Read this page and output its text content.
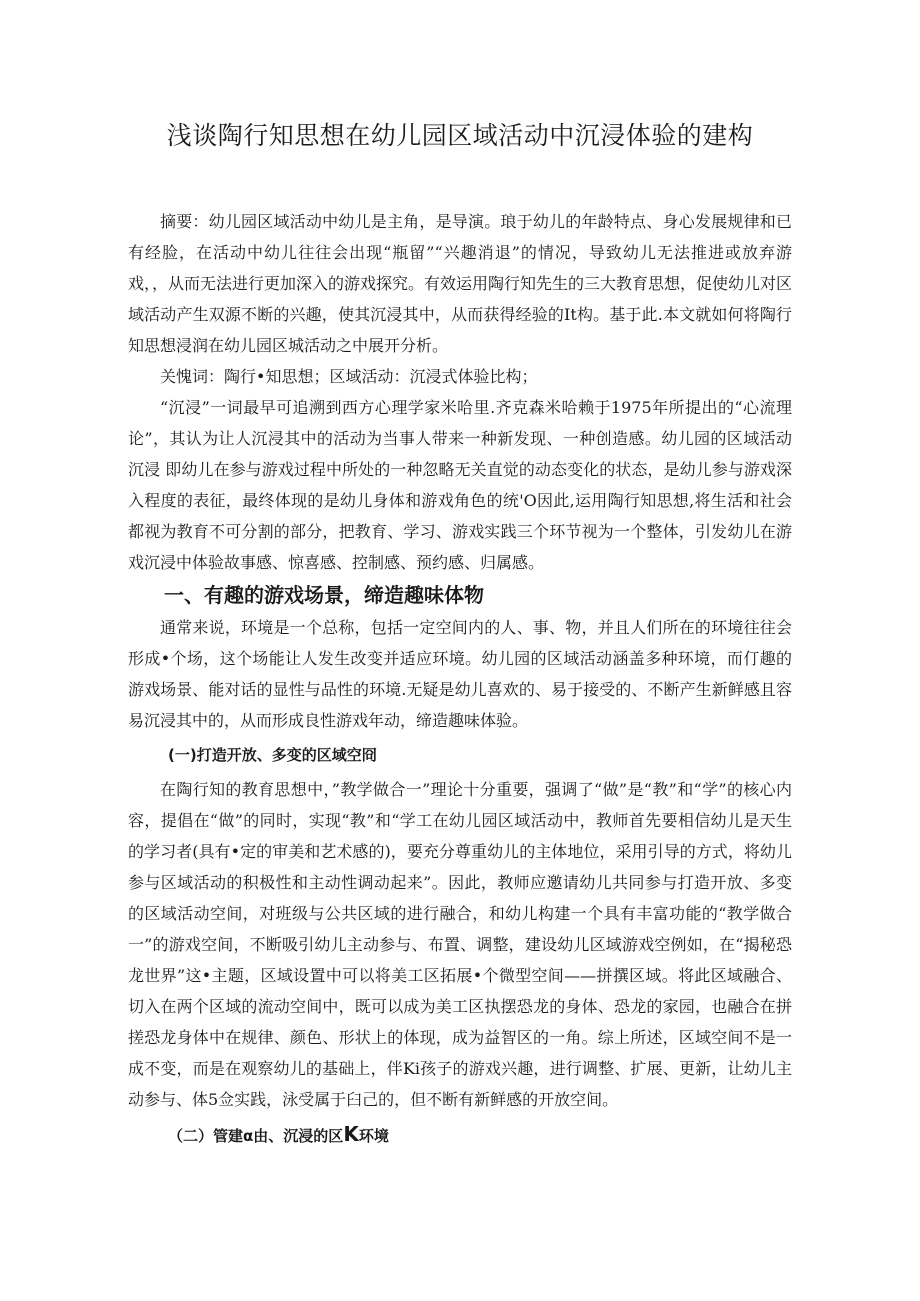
浅谈陶行知思想在幼儿园区域活动中沉浸体验的建构

摘要：幼儿园区域活动中幼儿是主角，是导演。琅于幼儿的年龄特点、身心发展规律和已有经脸，在活动中幼儿往往会出现“瓶留”“兴趣消退”的情况，导致幼儿无法推进或放弃游戏，，从而无法进行更加深入的游戏探究。有效运用陶行知先生的三大教育思想，促使幼儿对区域活动产生双源不断的兴趣，使其沉浸其中，从而获得经验的It构。基于此.本文就如何将陶行知思想浸润在幼儿园区城活动之中展开分析。

关愧词：陶行•知思想；区域活动：沉浸式体验比构；

“沉浸”一词最早可追溯到西方心理学家米哈里.齐克森米哈赖于1975年所提出的“心流理论”，其认为让人沉浸其中的活动为当事人带来一种新发现、一种创造感。幼儿园的区域活动沉浸 即幼儿在参与游戏过程中所处的一种忽略无关直觉的动态变化的状态，是幼儿参与游戏深入程度的表征，最终体现的是幼儿身体和游戏角色的统'O因此,运用陶行知思想,将生活和社会都视为教育不可分割的部分，把教育、学习、游戏实践三个环节视为一个整体，引发幼儿在游戏沉浸中体验故事感、惊喜感、控制感、预约感、归属感。

一、有趣的游戏场景，缔造趣味体物

通常来说，环境是一个总称，包括一定空间内的人、事、物，并且人们所在的环境往往会形成•个场，这个场能让人发生改变并适应环境。幼儿园的区域活动涵盖多种环境，而仃趣的游戏场景、能对话的显性与品性的环境.无疑是幼儿喜欢的、易于接受的、不断产生新鲜感且容易沉浸其中的，从而形成良性游戏年动，缔造趣味体验。

(一)打造开放、多变的区域空冏

在陶行知的教育思想中，”教学做合一”理论十分重要，强调了“做”是“教”和“学”的核心内容，提倡在“做”的同时，实现“教”和“学工在幼儿园区域活动中，教师首先要相信幼儿是天生的学习者(具有•定的审美和艺术感的)，要充分尊重幼儿的主体地位，采用引导的方式，将幼儿参与区域活动的积极性和主动性调动起来”。因此，教师应邀请幼儿共同参与打造开放、多变的区域活动空间，对班级与公共区域的进行融合，和幼儿构建一个具有丰富功能的“教学做合一”的游戏空间，不断吸引幼儿主动参与、布置、调整，建设幼儿区域游戏空例如，在“揭秘恐龙世界”这•主题，区域设置中可以将美工区拓展•个微型空间——拼撰区域。将此区域融合、切入在两个区域的流动空间中，既可以成为美工区执摆恐龙的身体、恐龙的家园，也融合在拼搓恐龙身体中在规律、颜色、形状上的体现，成为益智区的一角。综上所述，区域空间不是一成不变，而是在观察幼儿的基础上，伴Ki孩子的游戏兴趣，进行调整、扩展、更新，让幼儿主动参与、体5佥实践，泳受属于臼己的，但不断有新鲜感的开放空间。

（二）管建α由、沉浸的区K环境
